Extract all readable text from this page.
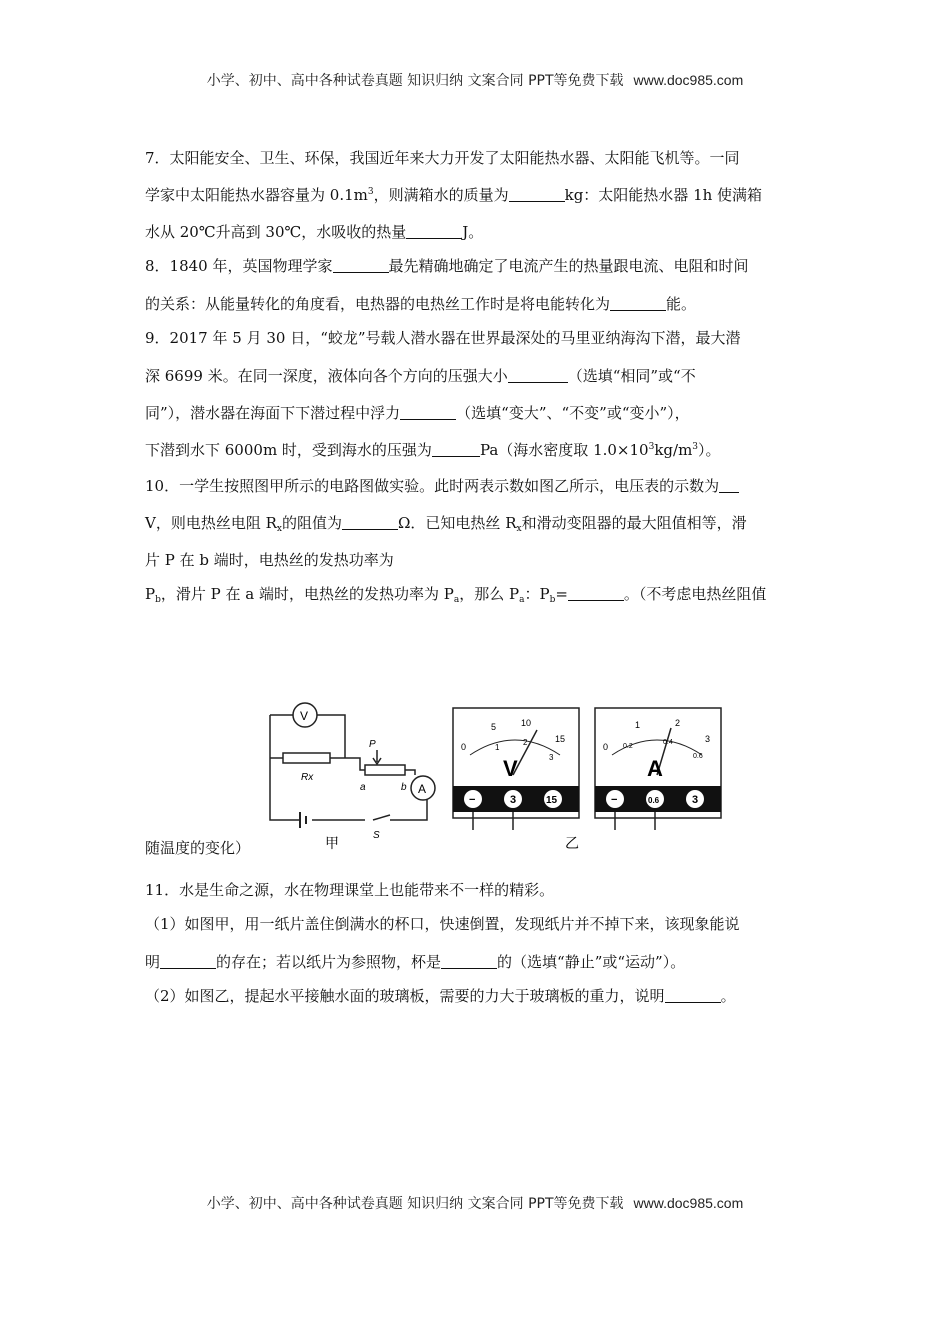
小学、初中、高中各种试卷真题 知识归纳 文案合同 PPT等免费下载 www.doc985.com
7．太阳能安全、卫生、环保，我国近年来大力开发了太阳能热水器、太阳能飞机等。一同
学家中太阳能热水器容量为 $0.1m^3$，则满箱水的质量为	kg：太阳能热水器 1h 使满箱
水从 20℃升高到 30℃，水吸收的热量	J。
8．1840 年，英国物理学家	最先精确地确定了电流产生的热量跟电流、电阻和时间
的关系：从能量转化的角度看，电热器的电热丝工作时是将电能转化为	能。
9．2017 年 5 月 30 日，“蛟龙”号载人潜水器在世界最深处的马里亚纳海沟下潜，最大潜
深 6699 米。在同一深度，液体向各个方向的压强大小	（选填“相同”或“不
同”），潜水器在海面下下潜过程中浮力	（选填“变大”、“不变”或“变小”），
下潜到水下 6000m 时，受到海水的压强为	Pa（海水密度取 $1.0\times 10^3kg/m^3$）。
10．一学生按照图甲所示的电路图做实验。此时两表示数如图乙所示，电压表的示数为
V，则电热丝电阻 $R_x$的阻值为	Ω．已知电热丝 $R_x$和滑动变阻器的最大阻值相等，滑
片 P 在 b 端时，电热丝的发热功率为
$P_b$，滑片 P 在 a 端时，电热丝的发热功率为 $P_a$，那么 $P_a$：$P_b=$	。（不考虑电热丝阻值
随温度的变化）
V
Rx
P
a	b A
S
甲
0
5	10
15
1
2
3
V
−	3	15
0
1	2
3
0.2
0.4
0.6
A
−	0.6	3
乙
11．水是生命之源，水在物理课堂上也能带来不一样的精彩。
（1）如图甲，用一纸片盖住倒满水的杯口，快速倒置，发现纸片并不掉下来，该现象能说
明	的存在；若以纸片为参照物，杯是	的（选填“静止”或“运动”）。
（2）如图乙，提起水平接触水面的玻璃板，需要的力大于玻璃板的重力，说明	。
小学、初中、高中各种试卷真题 知识归纳 文案合同 PPT等免费下载 www.doc985.com
